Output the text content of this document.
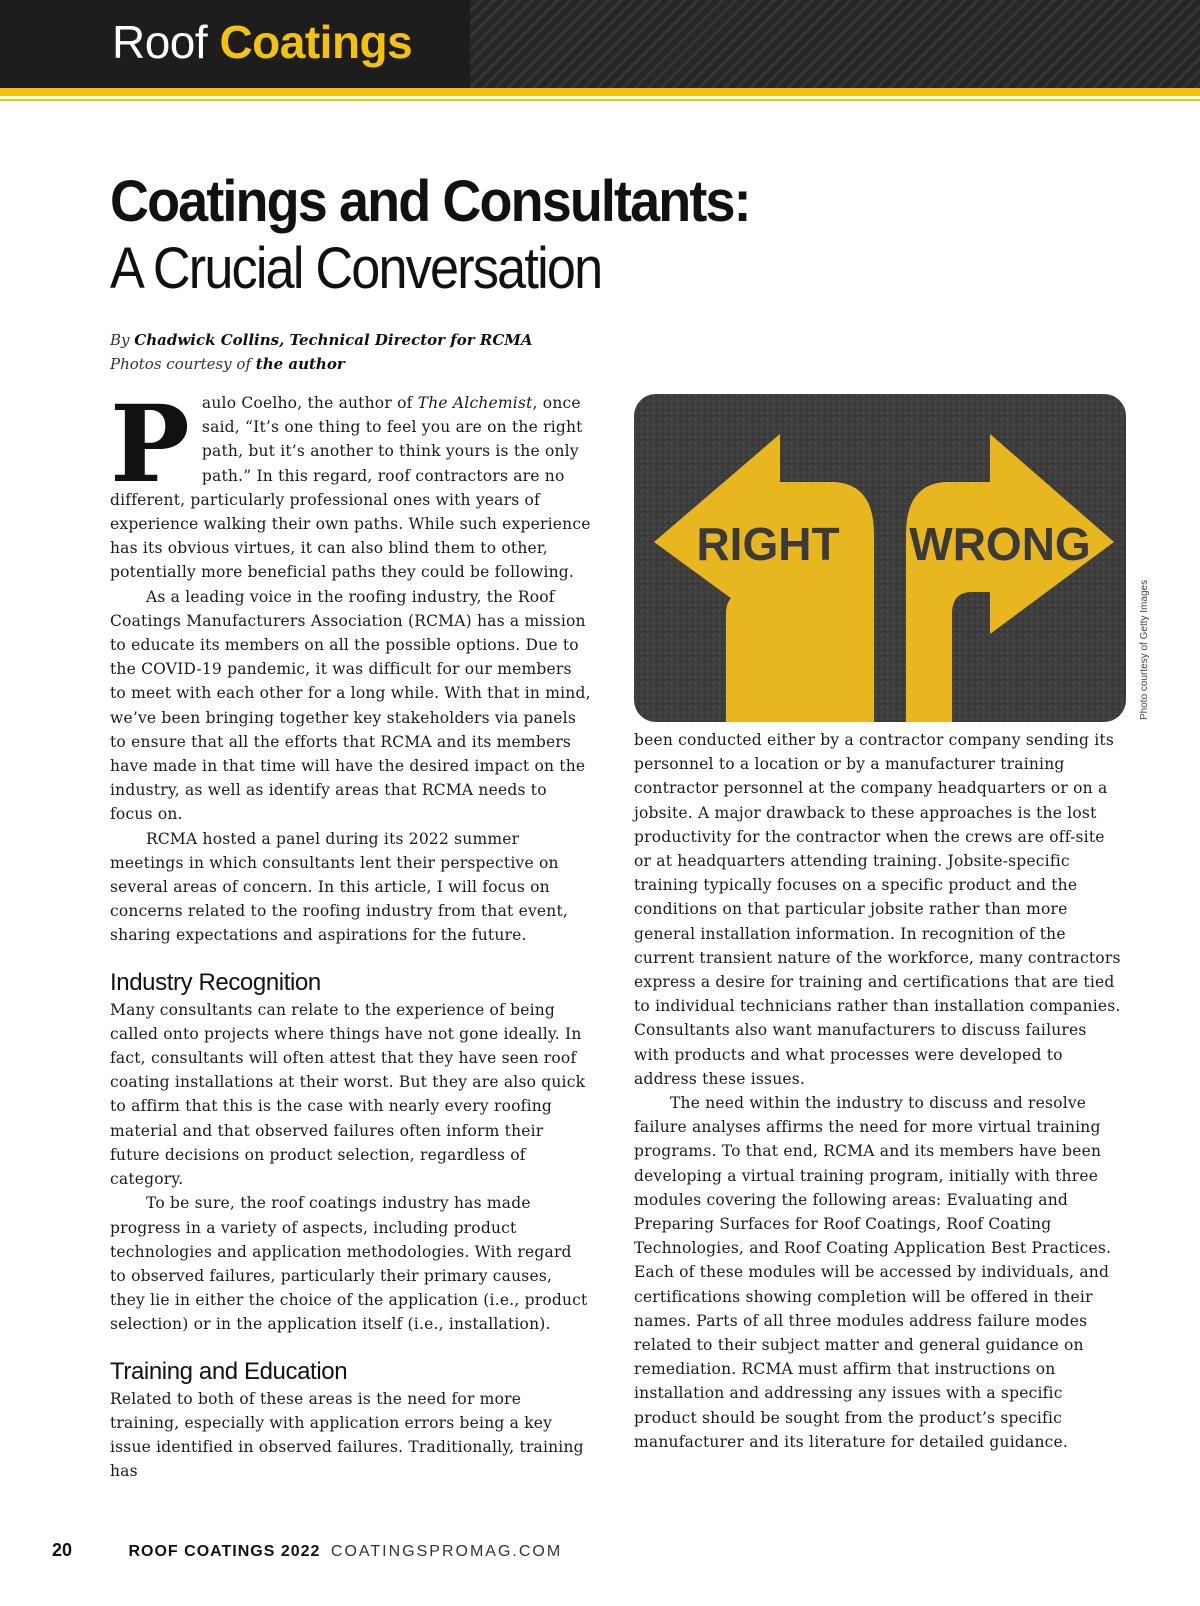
Roof Coatings
Coatings and Consultants:
A Crucial Conversation
By Chadwick Collins, Technical Director for RCMA
Photos courtesy of the author

Paulo Coelho, the author of The Alchemist, once said, “It’s one thing to feel you are on the right path, but it’s another to think yours is the only path.” In this regard, roof contractors are no different, particularly professional ones with years of experience walking their own paths. While such experience has its obvious virtues, it can also blind them to other, potentially more beneficial paths they could be following.

As a leading voice in the roofing industry, the Roof Coatings Manufacturers Association (RCMA) has a mission to educate its members on all the possible options. Due to the COVID-19 pandemic, it was difficult for our members to meet with each other for a long while. With that in mind, we’ve been bringing together key stakeholders via panels to ensure that all the efforts that RCMA and its members have made in that time will have the desired impact on the industry, as well as identify areas that RCMA needs to focus on.

RCMA hosted a panel during its 2022 summer meetings in which consultants lent their perspective on several areas of concern. In this article, I will focus on concerns related to the roofing industry from that event, sharing expectations and aspirations for the future.

Industry Recognition

Many consultants can relate to the experience of being called onto projects where things have not gone ideally. In fact, consultants will often attest that they have seen roof coating installations at their worst. But they are also quick to affirm that this is the case with nearly every roofing material and that observed failures often inform their future decisions on product selection, regardless of category.

To be sure, the roof coatings industry has made progress in a variety of aspects, including product technologies and application methodologies. With regard to observed failures, particularly their primary causes, they lie in either the choice of the application (i.e., product selection) or in the application itself (i.e., installation).

Training and Education

Related to both of these areas is the need for more training, especially with application errors being a key issue identified in observed failures. Traditionally, training has

RIGHT WRONG
Photo courtesy of Getty Images

been conducted either by a contractor company sending its personnel to a location or by a manufacturer training contractor personnel at the company headquarters or on a jobsite. A major drawback to these approaches is the lost productivity for the contractor when the crews are off-site or at headquarters attending training. Jobsite-specific training typically focuses on a specific product and the conditions on that particular jobsite rather than more general installation information. In recognition of the current transient nature of the workforce, many contractors express a desire for training and certifications that are tied to individual technicians rather than installation companies. Consultants also want manufacturers to discuss failures with products and what processes were developed to address these issues.

The need within the industry to discuss and resolve failure analyses affirms the need for more virtual training programs. To that end, RCMA and its members have been developing a virtual training program, initially with three modules covering the following areas: Evaluating and Preparing Surfaces for Roof Coatings, Roof Coating Technologies, and Roof Coating Application Best Practices. Each of these modules will be accessed by individuals, and certifications showing completion will be offered in their names. Parts of all three modules address failure modes related to their subject matter and general guidance on remediation. RCMA must affirm that instructions on installation and addressing any issues with a specific product should be sought from the product’s specific manufacturer and its literature for detailed guidance.

20	ROOF COATINGS 2022 COATINGSPROMAG.COM
